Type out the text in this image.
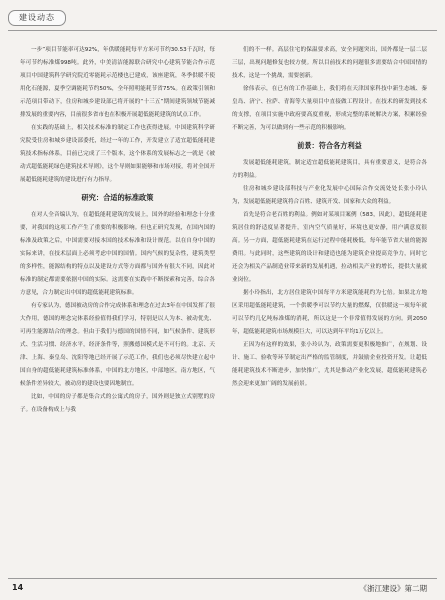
建设动态

一步”项目节能率可达92%，年供暖能耗每平方米可节约30.53千瓦时，每年可节约标准煤998吨。此外，中美清洁能源联合研究中心建筑节能合作示范项目中国建筑科学研究院近零能耗示范楼也已建成，该座建筑，冬季供暖不使用化石能源，夏季空调能耗节约50%，全年照明能耗节省75%。在政策引领和示范项目带动下，住房和城乡建设部已将开展的“十三五”期间建筑领域节能减排发展的重要内容，目前很多省市也在积极开展超低能耗建筑的试点工作。

在实践的基础上，相关技术标准的制定工作也获得进展。中国建筑科学研究院受住房和城乡建设部委托，经过一年的工作，开发建立了适宜超低能耗建筑技术指标体系，目前已完成了三个版本，这个体系的发展标志之一就是《被动式超低能耗绿色建筑技术导则》，这个导则如果能够和市场对接，将对全国开展超低能耗建筑的建设进行有力指导。

研究：合适的标准政策

在对人全音编认为，在超低能耗建筑的发展上，国外的经验和理念十分重要，对我国的这项工作产生了重要的积极影响。但也正研究发现，在国内国的标准及政策之后，中国需要对接本国的技术标准和设计规范。以在自身中国的实际来讲，在技术层面上必须考虑中国的国情。国内气候的复杂性，建筑类型的多样性，能源结构的特点以及建设方式等方面都与国外有很大不同，因此对标准的制定都需要依据中国的实际。这需要在实践中不断探索和完善，综合各方意见，合力制定出中国的超低能耗建筑标准。

有专家认为，德国被动房的合作完成体系和理念在过去3年在中国发挥了很大作用，德国的理念完体系经验值得我们学习，特别是以人为本、被动优先、可再生能源结合的理念。但由于我们与德国的国情不同，如气候条件、建筑形式、生活习惯、经济水平，经济条件等，照搬德国模式是不可行的。北京、天津、上海、秦皇岛、沈阳等地已经开展了示范工作，我们也必须尽快建立起中国自身的超低能耗建筑标准体系，中国的北方地区，中部地区，南方地区，气候条件差异较大，被动房的建设也要因地制宜。

比如，中国的房子都是集合式的公寓式的房子，国外则是独立式别墅的房子。在设备构成上与我

们的不一样。高层住宅的保温要求高，安全问题突出，国外都是一层二层三层，出现问题修复也较方便。所以目前技术的问题很多需要结合中国国情的技术，这是一个挑战，需要创新。

徐伟表示，在已有的工作基础上，我们将在天津国家科技中新生态城、秦皇岛、济宁、拉萨、青海等大量项目中直接做工程设计。在技术的研发到技术的支撑，在项目实施中政府要高度重视，形成完整的系统解决方案，积累经验不断完善，为可以做到有一些示范的积极影响。

前景：符合各方利益

发展超低能耗建筑，制定适宜超低能耗建筑目，具有重要意义，是符合各方的利益。

往房和城乡建设部科技与产业化发展中心国际合作交流处处长张小玲认为，发展超低能耗建筑将合百姓、建筑开发、国家和大众的利益。

首先是符合老百姓的利益。例如对某项目案例（583，因此），超低能耗建筑居住的舒适度显著提升，室内空气质量好，环境也更安静，用户满意度很高。另一方面，超低能耗建筑在运行过程中能耗极低，每年能节省大量的能源费用。与此同时，这些建筑的设计和建造也能为建筑企业提高竞争力，同时它还会为相关产品制造业带来新的发展机遇，拉动相关产业的增长，提供大量就业岗位。

据小玲指出，北方居住建筑中国每平方米建筑能耗约为七倍。如果北方地区采用超低能耗建筑，一个供暖季可以节约大量的燃煤，仅供暖这一项每年就可以节约几亿吨标准煤的消耗，所以这是一个非常值得发展的方向。到2050年，超低能耗建筑市场规模巨大，可以达到年平均1万亿以上。

正因为有这样的效果，张小玲认为，政策需要更积极地推广，在规划、设计、施工、验收等环节制定出严格的监管制度，并鼓励企业投资开发。让超低能耗建筑技术不断进步，加快推广，尤其是推动产业化发展，超低能耗建筑必然会迎来更加广阔的发展前景。

14	《浙江建设》第二期
